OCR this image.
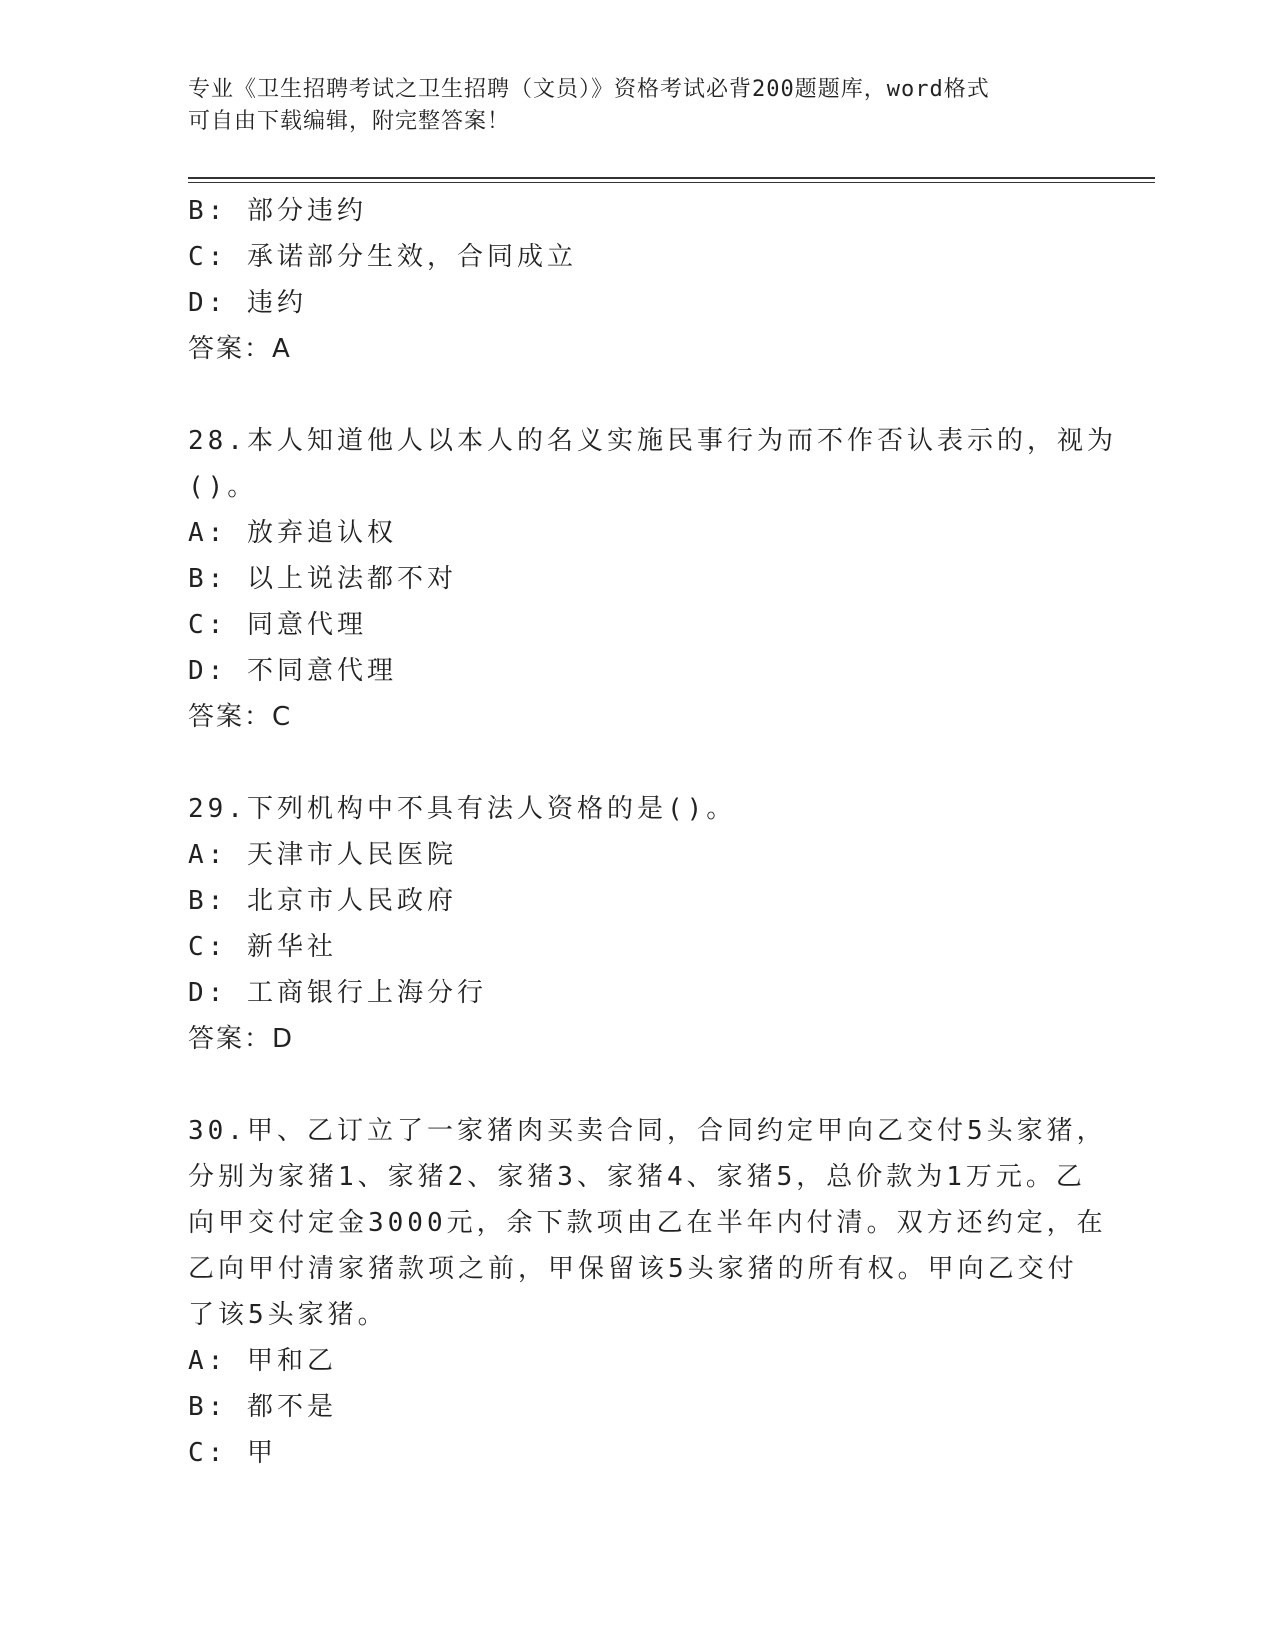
专业《卫生招聘考试之卫生招聘（文员）》资格考试必背200题题库，word格式
可自由下载编辑，附完整答案！
B: 部分违约
C: 承诺部分生效，合同成立
D: 违约
答案：A
28.本人知道他人以本人的名义实施民事行为而不作否认表示的，视为
()。
A: 放弃追认权
B: 以上说法都不对
C: 同意代理
D: 不同意代理
答案：C
29.下列机构中不具有法人资格的是()。
A: 天津市人民医院
B: 北京市人民政府
C: 新华社
D: 工商银行上海分行
答案：D
30.甲、乙订立了一家猪肉买卖合同，合同约定甲向乙交付5头家猪，
分别为家猪1、家猪2、家猪3、家猪4、家猪5，总价款为1万元。乙
向甲交付定金3000元，余下款项由乙在半年内付清。双方还约定，在
乙向甲付清家猪款项之前，甲保留该5头家猪的所有权。甲向乙交付
了该5头家猪。
A: 甲和乙
B: 都不是
C: 甲
